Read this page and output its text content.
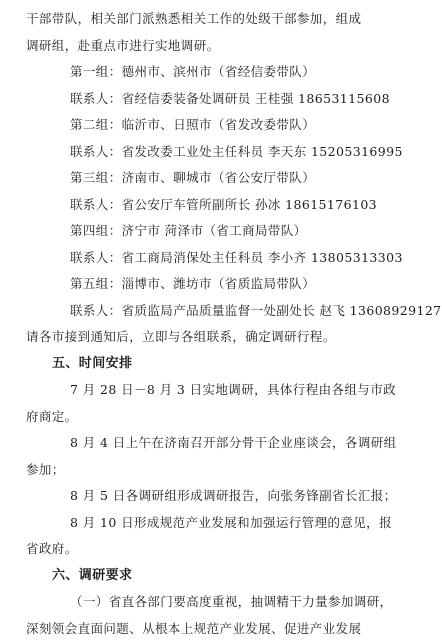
干部带队，相关部门派熟悉相关工作的处级干部参加，组成
调研组，赴重点市进行实地调研。
第一组：德州市、滨州市（省经信委带队）
联系人：省经信委装备处调研员 王桂强 18653115608
第二组：临沂市、日照市（省发改委带队）
联系人：省发改委工业处主任科员 李天东 15205316995
第三组：济南市、聊城市（省公安厅带队）
联系人：省公安厅车管所副所长 孙冰 18615176103
第四组：济宁市 菏泽市（省工商局带队）
联系人：省工商局消保处主任科员 李小齐 13805313303
第五组：淄博市、潍坊市（省质监局带队）
联系人：省质监局产品质量监督一处副处长 赵飞 13608929127
请各市接到通知后，立即与各组联系，确定调研行程。
五、时间安排
7 月 28 日－8 月 3 日实地调研，具体行程由各组与市政
府商定。
8 月 4 日上午在济南召开部分骨干企业座谈会，各调研组
参加；
8 月 5 日各调研组形成调研报告，向张务锋副省长汇报；
8 月 10 日形成规范产业发展和加强运行管理的意见，报
省政府。
六、调研要求
（一）省直各部门要高度重视，抽调精干力量参加调研，
深刻领会直面问题、从根本上规范产业发展、促进产业发展
